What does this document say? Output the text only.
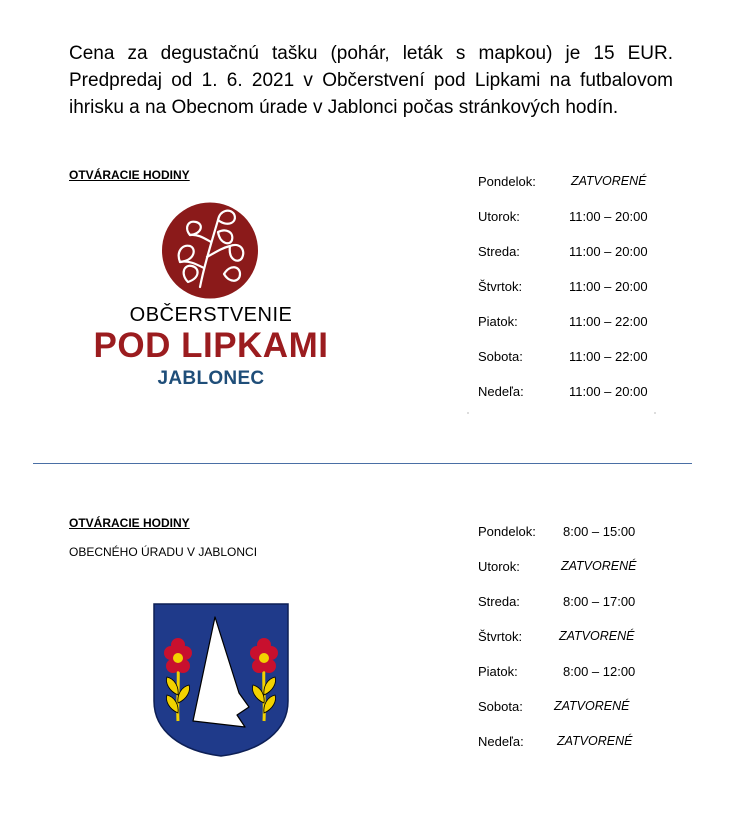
Cena za degustačnú tašku (pohár, leták s mapkou) je 15 EUR. Predpredaj od 1. 6. 2021 v Občerstvení pod Lipkami na futbalovom ihrisku a na Obecnom úrade v Jablonci počas stránkových hodín.
OTVÁRACIE HODINY
OBČERSTVENIE
POD LIPKAMI
JABLONEC
Pondelok:	ZATVORENÉ
Utorok:	11:00 – 20:00
Streda:	11:00 – 20:00
Štvrtok:	11:00 – 20:00
Piatok:	11:00 – 22:00
Sobota:	11:00 – 22:00
Nedeľa:	11:00 – 20:00
OTVÁRACIE HODINY
OBECNÉHO ÚRADU V JABLONCI
Pondelok: 8:00 – 15:00
Utorok:	ZATVORENÉ
Streda:	8:00 – 17:00
Štvrtok:	ZATVORENÉ
Piatok:	8:00 – 12:00
Sobota: ZATVORENÉ
Nedeľa:	ZATVORENÉ
